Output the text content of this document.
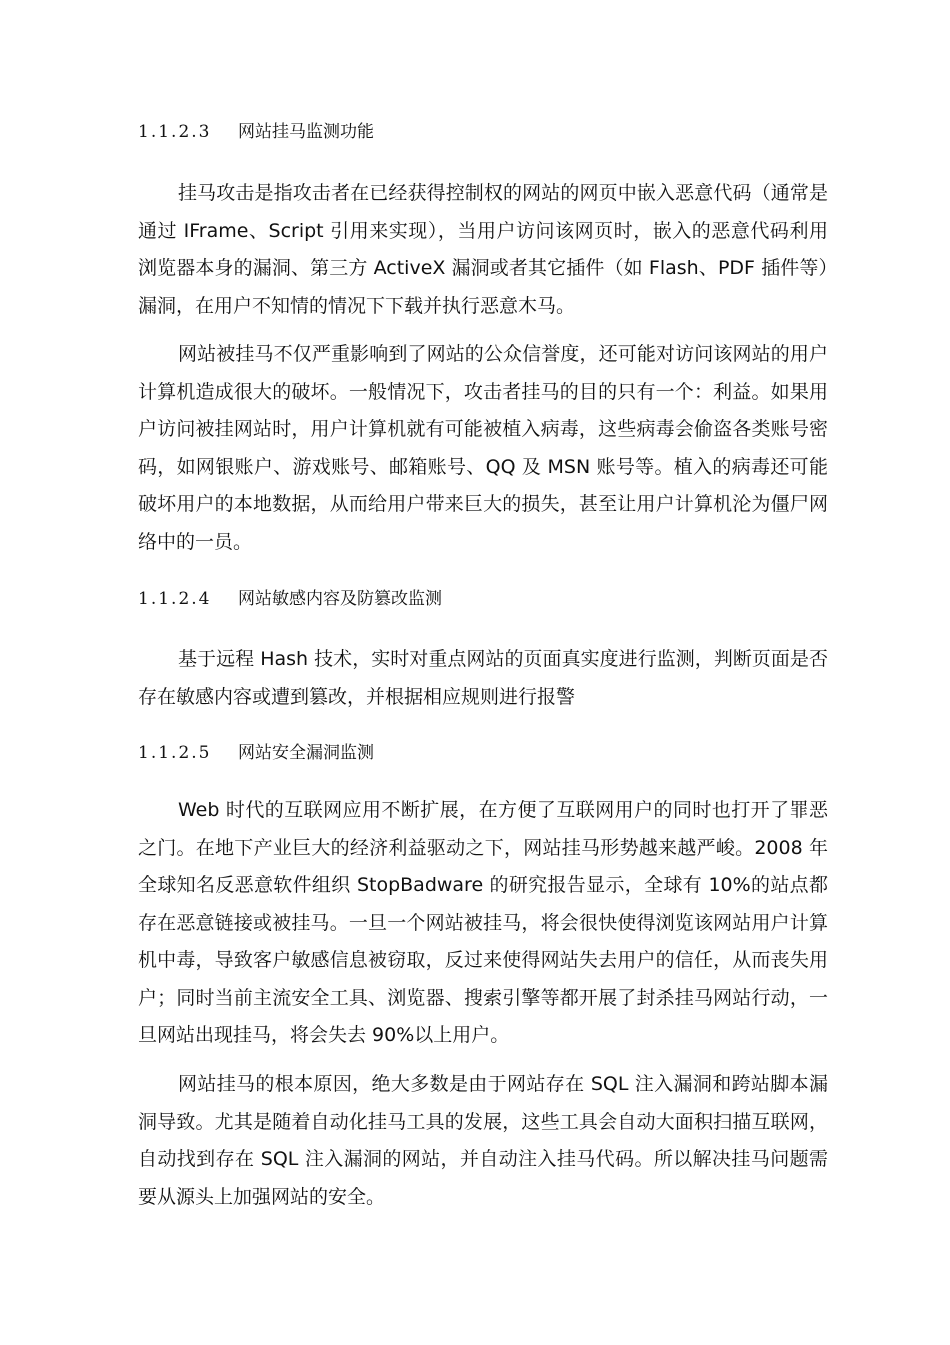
1.1.2.3 网站挂马监测功能

挂马攻击是指攻击者在已经获得控制权的网站的网页中嵌入恶意代码（通常是通过 IFrame、Script 引用来实现），当用户访问该网页时，嵌入的恶意代码利用浏览器本身的漏洞、第三方 ActiveX 漏洞或者其它插件（如 Flash、PDF 插件等）漏洞，在用户不知情的情况下下载并执行恶意木马。

网站被挂马不仅严重影响到了网站的公众信誉度，还可能对访问该网站的用户计算机造成很大的破坏。一般情况下，攻击者挂马的目的只有一个：利益。如果用户访问被挂网站时，用户计算机就有可能被植入病毒，这些病毒会偷盗各类账号密码，如网银账户、游戏账号、邮箱账号、QQ 及 MSN 账号等。植入的病毒还可能破坏用户的本地数据，从而给用户带来巨大的损失，甚至让用户计算机沦为僵尸网络中的一员。

1.1.2.4 网站敏感内容及防篡改监测

基于远程 Hash 技术，实时对重点网站的页面真实度进行监测，判断页面是否存在敏感内容或遭到篡改，并根据相应规则进行报警

1.1.2.5 网站安全漏洞监测

Web 时代的互联网应用不断扩展，在方便了互联网用户的同时也打开了罪恶之门。在地下产业巨大的经济利益驱动之下，网站挂马形势越来越严峻。2008 年全球知名反恶意软件组织 StopBadware 的研究报告显示，全球有 10%的站点都存在恶意链接或被挂马。一旦一个网站被挂马，将会很快使得浏览该网站用户计算机中毒，导致客户敏感信息被窃取，反过来使得网站失去用户的信任，从而丧失用户；同时当前主流安全工具、浏览器、搜索引擎等都开展了封杀挂马网站行动，一旦网站出现挂马，将会失去 90%以上用户。

网站挂马的根本原因，绝大多数是由于网站存在 SQL 注入漏洞和跨站脚本漏洞导致。尤其是随着自动化挂马工具的发展，这些工具会自动大面积扫描互联网，自动找到存在 SQL 注入漏洞的网站，并自动注入挂马代码。所以解决挂马问题需要从源头上加强网站的安全。
